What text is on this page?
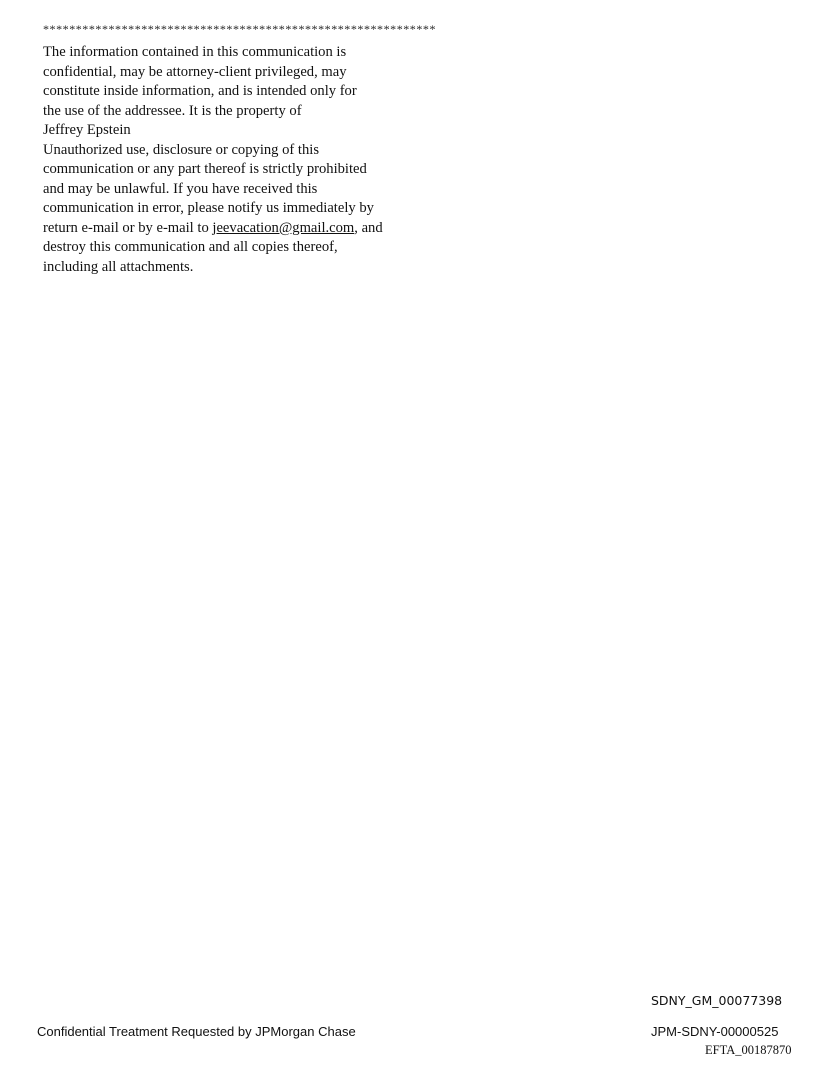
************************************************************
The information contained in this communication is
confidential, may be attorney-client privileged, may
constitute inside information, and is intended only for
the use of the addressee. It is the property of
Jeffrey Epstein
Unauthorized use, disclosure or copying of this
communication or any part thereof is strictly prohibited
and may be unlawful. If you have received this
communication in error, please notify us immediately by
return e-mail or by e-mail to jeevacation@gmail.com, and
destroy this communication and all copies thereof,
including all attachments.
SDNY_GM_00077398
Confidential Treatment Requested by JPMorgan Chase	JPM-SDNY-00000525
EFTA_00187870
